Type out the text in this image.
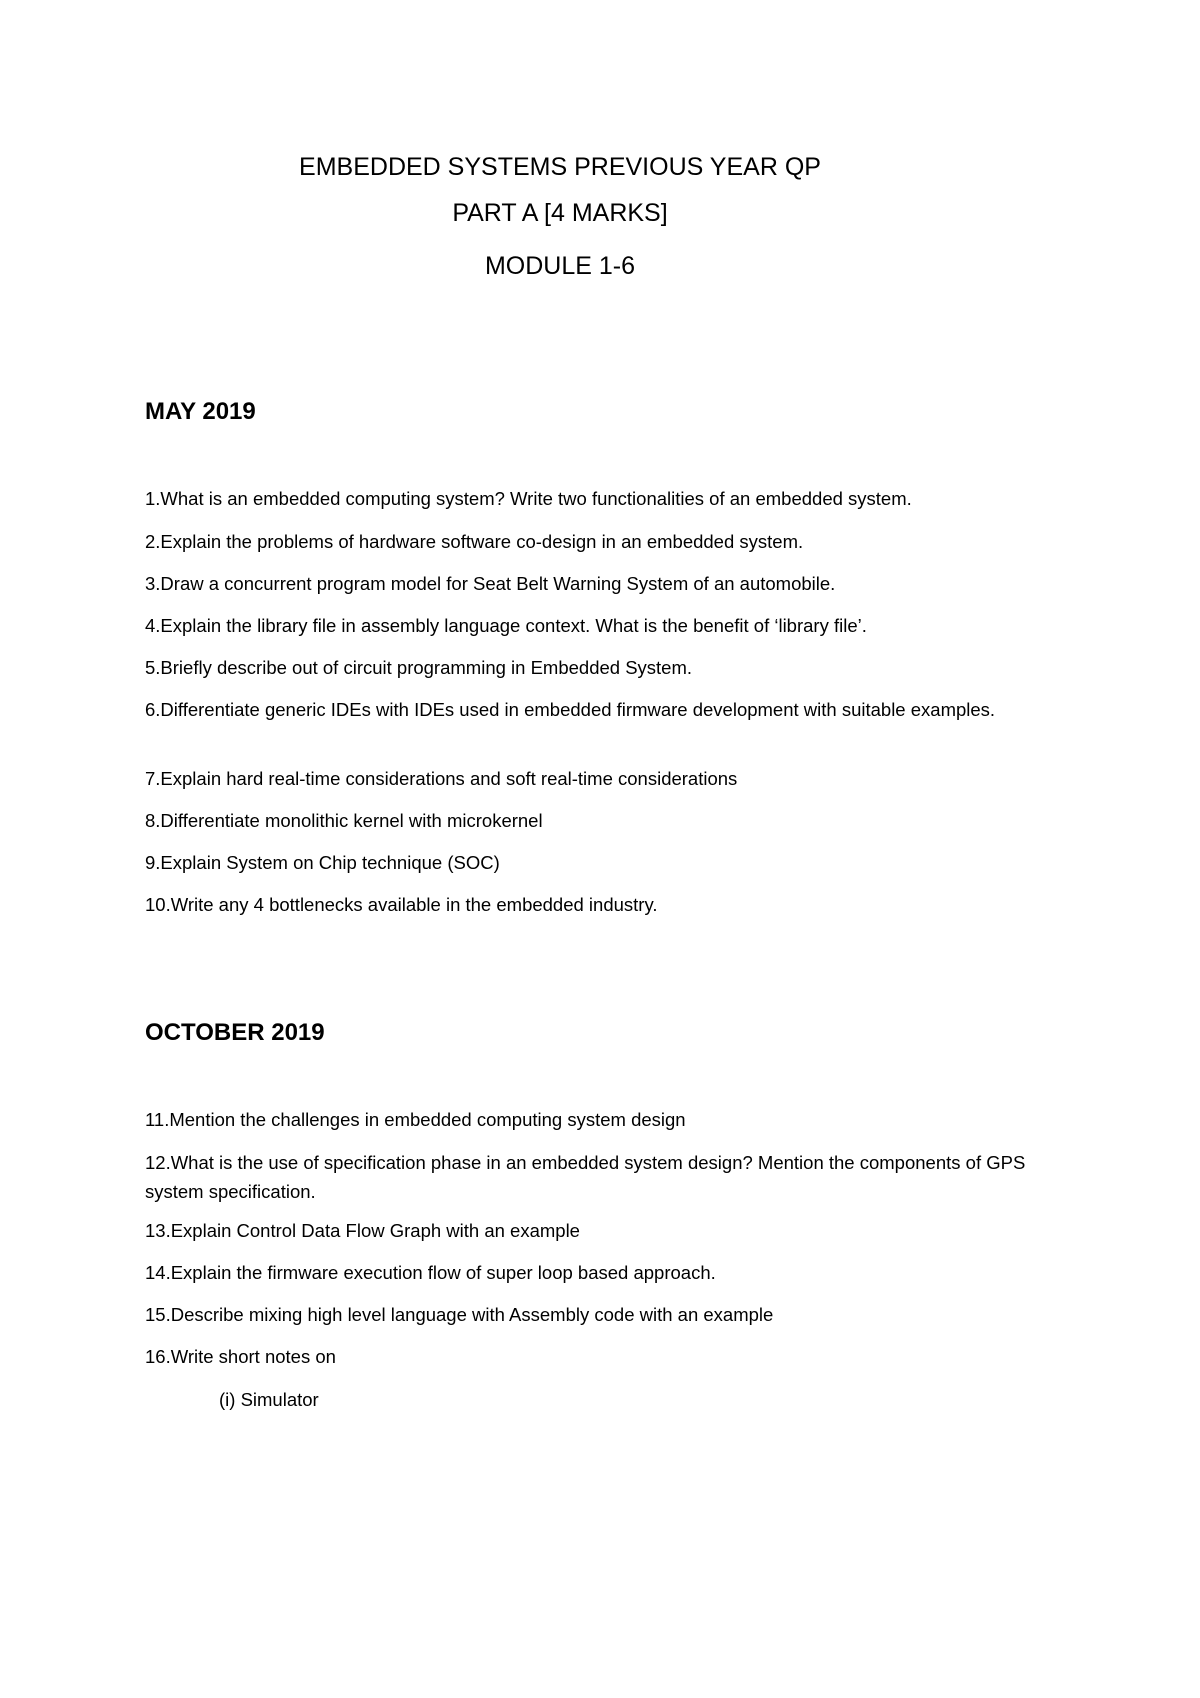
EMBEDDED SYSTEMS PREVIOUS YEAR QP
PART A [4 MARKS]
MODULE 1-6
MAY 2019
1.What is an embedded computing system? Write two functionalities of an embedded system.
2.Explain the problems of hardware software co-design in an embedded system.
3.Draw a concurrent program model for Seat Belt Warning System of an automobile.
4.Explain the library file in assembly language context. What is the benefit of ‘library file’.
5.Briefly describe out of circuit programming in Embedded System.
6.Differentiate generic IDEs with IDEs used in embedded firmware development with suitable examples.
7.Explain hard real-time considerations and soft real-time considerations
8.Differentiate monolithic kernel with microkernel
9.Explain System on Chip technique (SOC)
10.Write any 4 bottlenecks available in the embedded industry.
OCTOBER 2019
11.Mention the challenges in embedded computing system design
12.What is the use of specification phase in an embedded system design? Mention the components of GPS system specification.
13.Explain Control Data Flow Graph with an example
14.Explain the firmware execution flow of super loop based approach.
15.Describe mixing high level language with Assembly code with an example
16.Write short notes on
(i) Simulator
